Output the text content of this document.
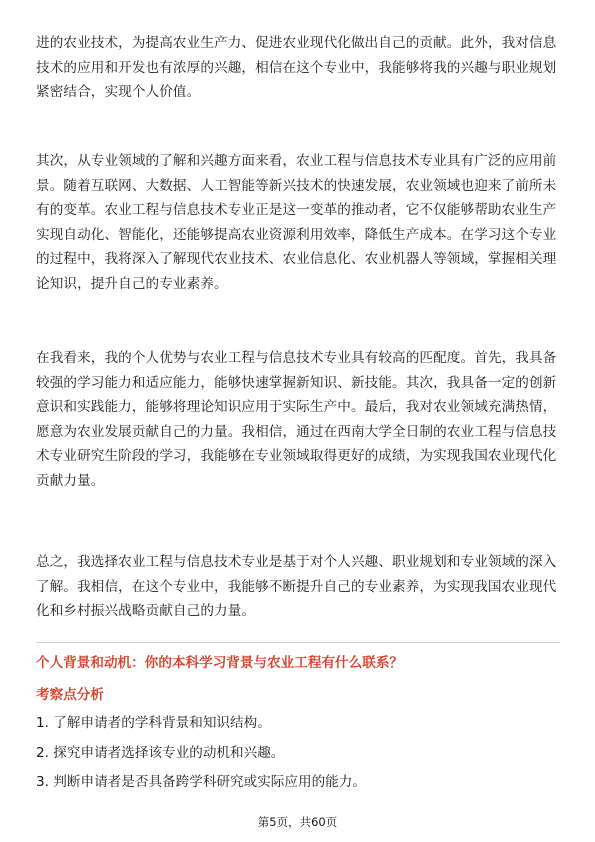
进的农业技术，为提高农业生产力、促进农业现代化做出自己的贡献。此外，我对信息技术的应用和开发也有浓厚的兴趣，相信在这个专业中，我能够将我的兴趣与职业规划紧密结合，实现个人价值。

其次，从专业领域的了解和兴趣方面来看，农业工程与信息技术专业具有广泛的应用前景。随着互联网、大数据、人工智能等新兴技术的快速发展，农业领域也迎来了前所未有的变革。农业工程与信息技术专业正是这一变革的推动者，它不仅能够帮助农业生产实现自动化、智能化，还能够提高农业资源利用效率，降低生产成本。在学习这个专业的过程中，我将深入了解现代农业技术、农业信息化、农业机器人等领域，掌握相关理论知识，提升自己的专业素养。

在我看来，我的个人优势与农业工程与信息技术专业具有较高的匹配度。首先，我具备较强的学习能力和适应能力，能够快速掌握新知识、新技能。其次，我具备一定的创新意识和实践能力，能够将理论知识应用于实际生产中。最后，我对农业领域充满热情，愿意为农业发展贡献自己的力量。我相信，通过在西南大学全日制的农业工程与信息技术专业研究生阶段的学习，我能够在专业领域取得更好的成绩，为实现我国农业现代化贡献力量。

总之，我选择农业工程与信息技术专业是基于对个人兴趣、职业规划和专业领域的深入了解。我相信，在这个专业中，我能够不断提升自己的专业素养，为实现我国农业现代化和乡村振兴战略贡献自己的力量。

个人背景和动机：你的本科学习背景与农业工程有什么联系？

考察点分析

1. 了解申请者的学科背景和知识结构。
2. 探究申请者选择该专业的动机和兴趣。
3. 判断申请者是否具备跨学科研究或实际应用的能力。
第5页，共60页
